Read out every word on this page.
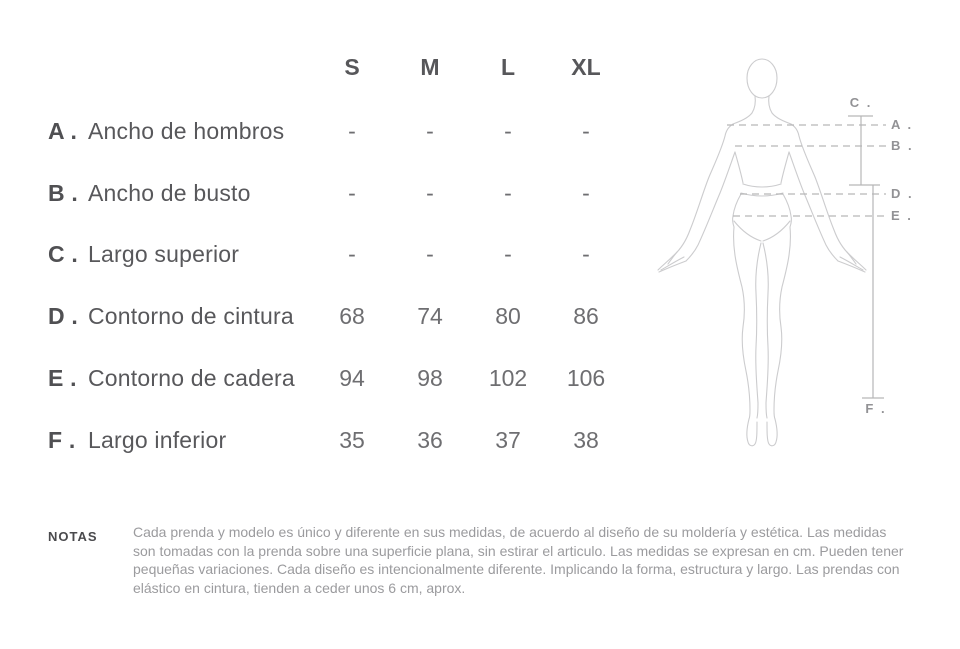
S	M	L	XL
A . Ancho de hombros	-	-	-	-
B . Ancho de busto	-	-	-	-
C . Largo superior	-	-	-	-
D . Contorno de cintura	68	74	80	86
E . Contorno de cadera	94	98	102	106
F . Largo inferior	35	36	37	38
C .
A .
B .
D .
E .
F .
NOTAS	Cada prenda y modelo es único y diferente en sus medidas, de acuerdo al diseño de su moldería y estética. Las medidas son tomadas con la prenda sobre una superficie plana, sin estirar el articulo. Las medidas se expresan en cm. Pueden tener pequeñas variaciones. Cada diseño es intencionalmente diferente. Implicando la forma, estructura y largo. Las prendas con elástico en cintura, tienden a ceder unos 6 cm, aprox.
